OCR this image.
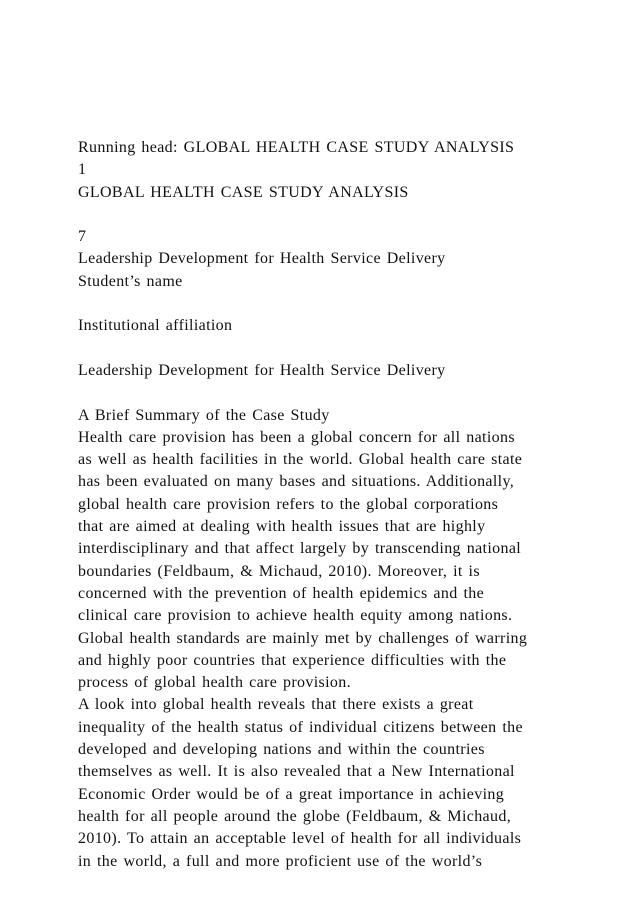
Running head: GLOBAL HEALTH CASE STUDY ANALYSIS
1
GLOBAL HEALTH CASE STUDY ANALYSIS
7
Leadership Development for Health Service Delivery
Student’s name
Institutional affiliation
Leadership Development for Health Service Delivery
A Brief Summary of the Case Study
Health care provision has been a global concern for all nations
as well as health facilities in the world. Global health care state
has been evaluated on many bases and situations. Additionally,
global health care provision refers to the global corporations
that are aimed at dealing with health issues that are highly
interdisciplinary and that affect largely by transcending national
boundaries (Feldbaum, & Michaud, 2010). Moreover, it is
concerned with the prevention of health epidemics and the
clinical care provision to achieve health equity among nations.
Global health standards are mainly met by challenges of warring
and highly poor countries that experience difficulties with the
process of global health care provision.
A look into global health reveals that there exists a great
inequality of the health status of individual citizens between the
developed and developing nations and within the countries
themselves as well. It is also revealed that a New International
Economic Order would be of a great importance in achieving
health for all people around the globe (Feldbaum, & Michaud,
2010). To attain an acceptable level of health for all individuals
in the world, a full and more proficient use of the world’s
